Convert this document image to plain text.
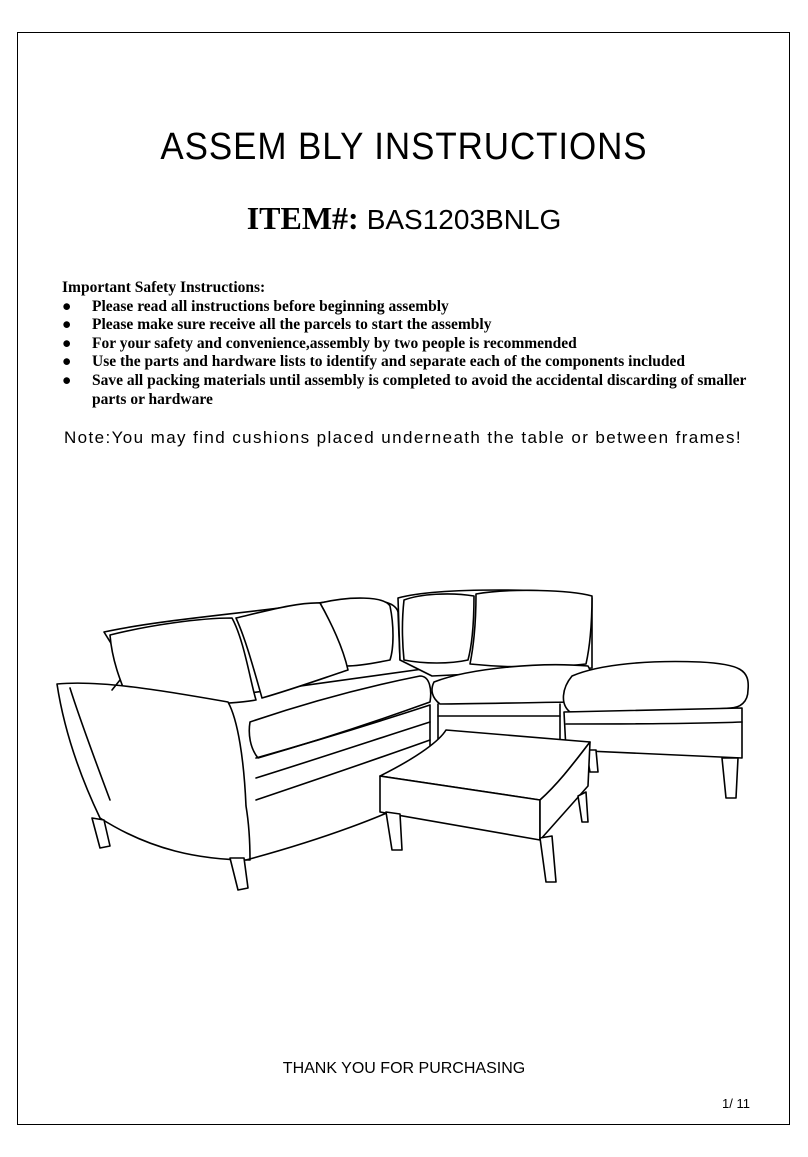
ASSEM BLY INSTRUCTIONS
ITEM#: BAS1203BNLG
Important Safety Instructions:
● Please read all instructions before beginning assembly
● Please make sure receive all the parcels to start the assembly
● For your safety and convenience,assembly by two people is recommended
● Use the parts and hardware lists to identify and separate each of the components included
● Save all packing materials until assembly is completed to avoid the accidental discarding of smaller parts or hardware
Note:You may find cushions placed underneath the table or between frames!
THANK YOU FOR PURCHASING
1/ 11
